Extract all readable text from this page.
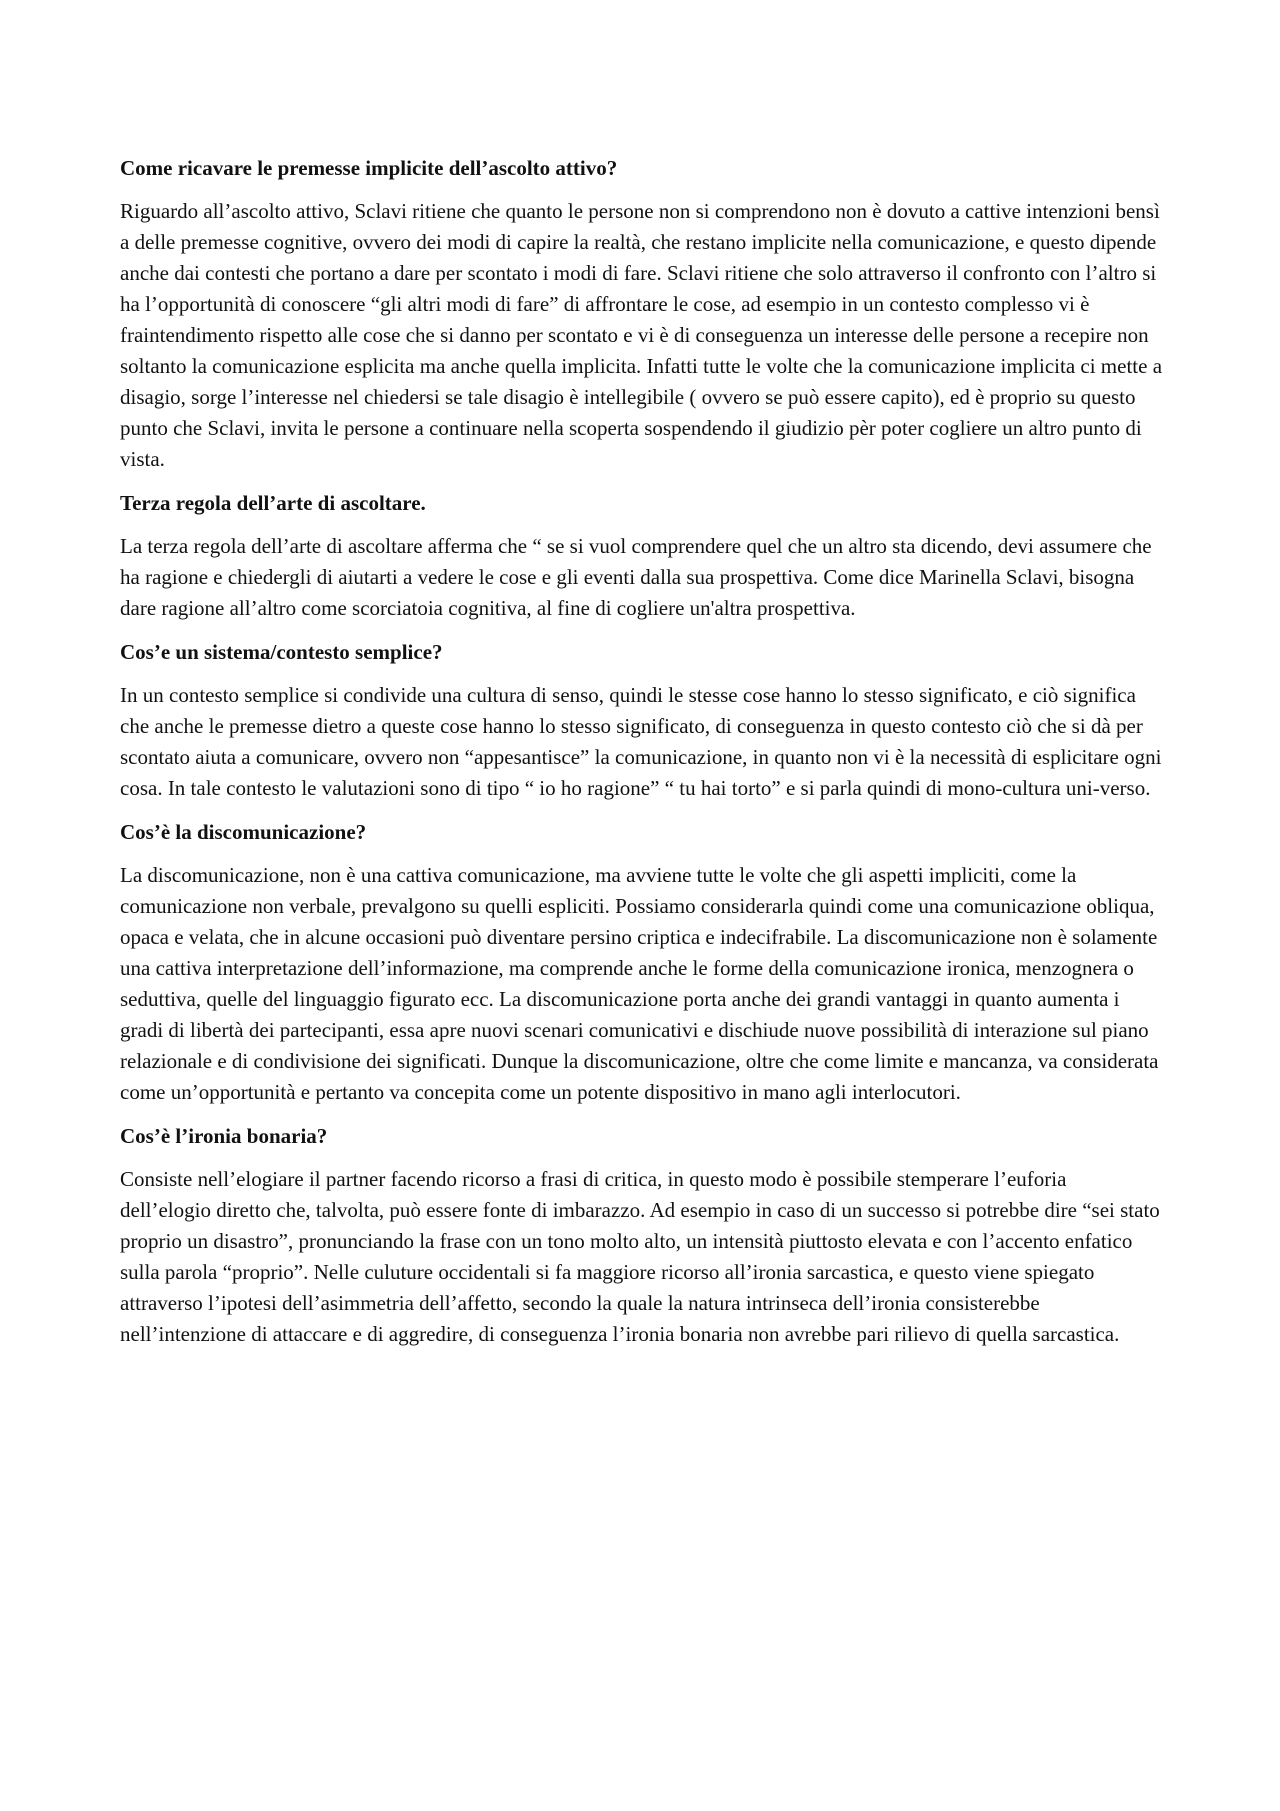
Come ricavare le premesse implicite dell’ascolto attivo?
Riguardo all’ascolto attivo, Sclavi ritiene che quanto le persone non si comprendono non è dovuto a cattive intenzioni bensì a delle premesse cognitive, ovvero dei modi di capire la realtà, che restano implicite nella comunicazione, e questo dipende anche dai contesti che portano a dare per scontato i modi di fare. Sclavi ritiene che solo attraverso il confronto con l’altro si ha l’opportunità di conoscere “gli altri modi di fare” di affrontare le cose, ad esempio in un contesto complesso vi è fraintendimento rispetto alle cose che si danno per scontato e vi è di conseguenza un interesse delle persone a recepire non soltanto la comunicazione esplicita ma anche quella implicita. Infatti tutte le volte che la comunicazione implicita ci mette a disagio, sorge l’interesse nel chiedersi se tale disagio è intellegibile ( ovvero se può essere capito), ed è proprio su questo punto che Sclavi, invita le persone a continuare nella scoperta sospendendo il giudizio pèr poter cogliere un altro punto di vista.
Terza regola dell’arte di ascoltare.
La terza regola dell’arte di ascoltare afferma che “ se si vuol comprendere quel che un altro sta dicendo, devi assumere che ha ragione e chiedergli di aiutarti a vedere le cose e gli eventi dalla sua prospettiva. Come dice Marinella Sclavi, bisogna dare ragione all’altro come scorciatoia cognitiva, al fine di cogliere un'altra prospettiva.
Cos’e un sistema/contesto semplice?
In un contesto semplice si condivide una cultura di senso, quindi le stesse cose hanno lo stesso significato, e ciò significa che anche le premesse dietro a queste cose hanno lo stesso significato, di conseguenza in questo contesto ciò che si dà per scontato aiuta a comunicare, ovvero non “appesantisce” la comunicazione, in quanto non vi è la necessità di esplicitare ogni cosa. In tale contesto le valutazioni sono di tipo “ io ho ragione” “ tu hai torto” e si parla quindi di mono-cultura uni-verso.
Cos’è la discomunicazione?
La discomunicazione, non è una cattiva comunicazione, ma avviene tutte le volte che gli aspetti impliciti, come la comunicazione non verbale, prevalgono su quelli espliciti. Possiamo considerarla quindi come una comunicazione obliqua, opaca e velata, che in alcune occasioni può diventare persino criptica e indecifrabile. La discomunicazione non è solamente una cattiva interpretazione dell’informazione, ma comprende anche le forme della comunicazione ironica, menzognera o seduttiva, quelle del linguaggio figurato ecc. La discomunicazione porta anche dei grandi vantaggi in quanto aumenta i gradi di libertà dei partecipanti, essa apre nuovi scenari comunicativi e dischiude nuove possibilità di interazione sul piano relazionale e di condivisione dei significati. Dunque la discomunicazione, oltre che come limite e mancanza, va considerata come un’opportunità e pertanto va concepita come un potente dispositivo in mano agli interlocutori.
Cos’è l’ironia bonaria?
Consiste nell’elogiare il partner facendo ricorso a frasi di critica, in questo modo è possibile stemperare l’euforia dell’elogio diretto che, talvolta, può essere fonte di imbarazzo. Ad esempio in caso di un successo si potrebbe dire “sei stato proprio un disastro”, pronunciando la frase con un tono molto alto, un intensità piuttosto elevata e con l’accento enfatico sulla parola “proprio”. Nelle culuture occidentali si fa maggiore ricorso all’ironia sarcastica, e questo viene spiegato attraverso l’ipotesi dell’asimmetria dell’affetto, secondo la quale la natura intrinseca dell’ironia consisterebbe nell’intenzione di attaccare e di aggredire, di conseguenza l’ironia bonaria non avrebbe pari rilievo di quella sarcastica.
